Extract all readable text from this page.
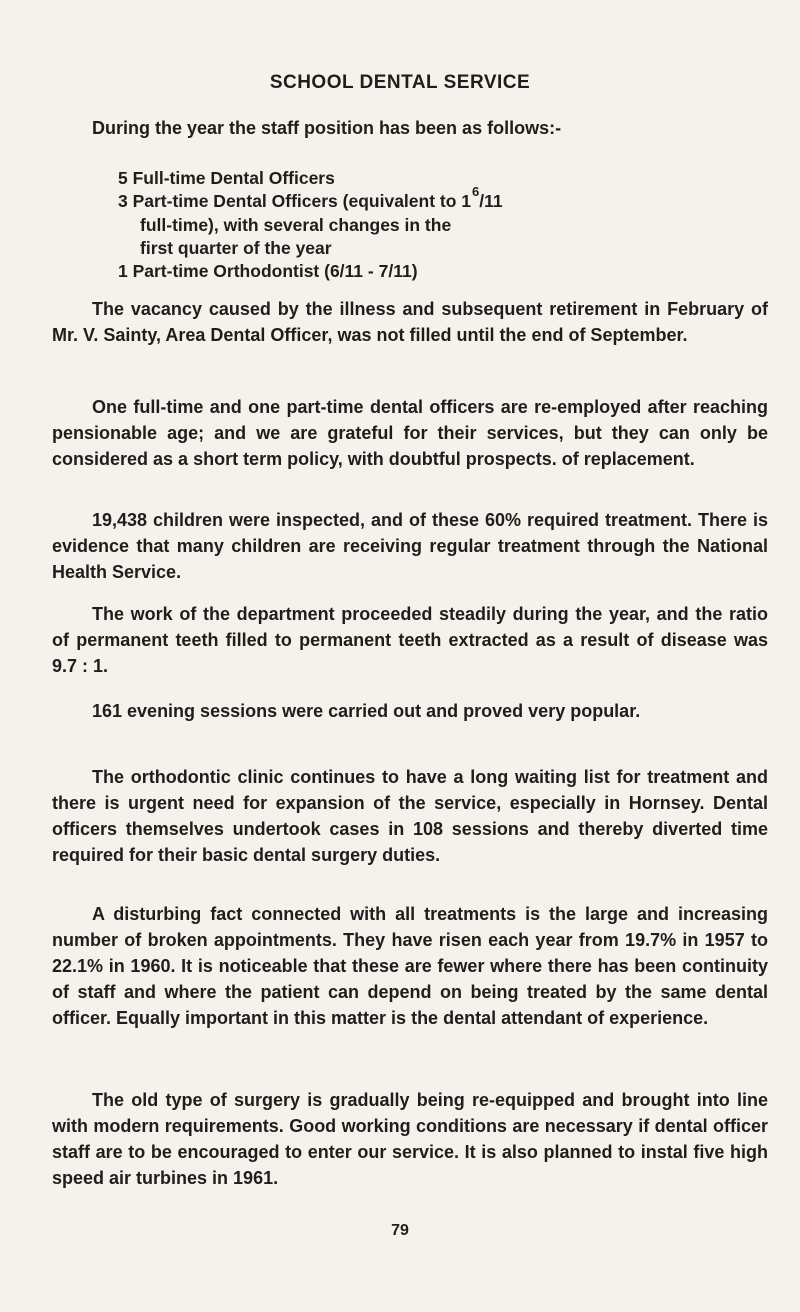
SCHOOL DENTAL SERVICE
During the year the staff position has been as follows:-
5 Full-time Dental Officers
3 Part-time Dental Officers (equivalent to $1^6/11$
full-time), with several changes in the
first quarter of the year
1 Part-time Orthodontist (6/11 - 7/11)
The vacancy caused by the illness and subsequent retirement in February of Mr. V. Sainty, Area Dental Officer, was not filled until the end of September.
One full-time and one part-time dental officers are re-employed after reaching pensionable age; and we are grateful for their services, but they can only be considered as a short term policy, with doubtful prospects. of replacement.
19,438 children were inspected, and of these 60% required treatment. There is evidence that many children are receiving regular treatment through the National Health Service.
The work of the department proceeded steadily during the year, and the ratio of permanent teeth filled to permanent teeth extracted as a result of disease was 9.7 : 1.
161 evening sessions were carried out and proved very popular.
The orthodontic clinic continues to have a long waiting list for treatment and there is urgent need for expansion of the service, especially in Hornsey. Dental officers themselves undertook cases in 108 sessions and thereby diverted time required for their basic dental surgery duties.
A disturbing fact connected with all treatments is the large and increasing number of broken appointments. They have risen each year from 19.7% in 1957 to 22.1% in 1960. It is noticeable that these are fewer where there has been continuity of staff and where the patient can depend on being treated by the same dental officer. Equally important in this matter is the dental attendant of experience.
The old type of surgery is gradually being re-equipped and brought into line with modern requirements. Good working conditions are necessary if dental officer staff are to be encouraged to enter our service. It is also planned to instal five high speed air turbines in 1961.
79
